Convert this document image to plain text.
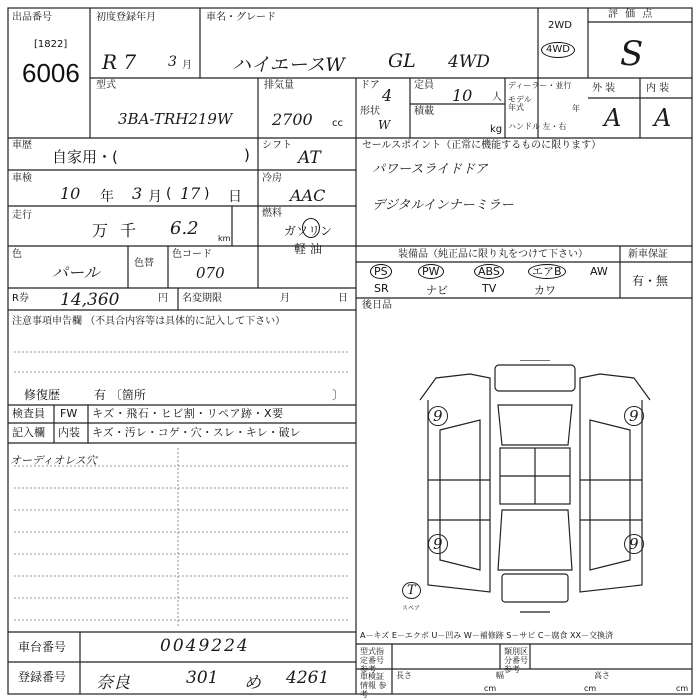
出品番号
[1822]
6006
初度登録年月
R 7 3 月
車名・グレード
ハイエースW GL 4WD
2WD
4WD
評 価 点
S
型式
3BA-TRH219W
排気量
2700 cc
ドア
4
形状
W
定員
10 人
積載
kg
ディーラー・並行
モデル 年式	年
ハンドル 左・右
外 装	内 装
A A
車歴
自家用・(	)
シフト
AT
車検
10 年 3 月 ( 17 ) 日
冷房
AAC
走行
万 千 6.2 km
燃料
ガソリン
軽 油
色
パール	色替
色コード
070
R券 14,360	円 名変期限	月	日
セールスポイント（正常に機能するものに限ります）
パワースライドドア
デジタルインナーミラー
装備品（純正品に限り丸をつけて下さい）	新車保証
有・無
PS	PW	ABS	エアB	AW
SR	ナビ	TV	カワ
後日品
注意事項申告欄 （不具合内容等は具体的に記入して下さい）
修復歴	有 〔箇所	〕
検査員
記入欄
FW キズ・飛石・ヒビ割・リペア跡・X要
内装 キズ・汚レ・コゲ・穴・スレ・キレ・破レ
オーディオレス穴
9	9
9	9
T
スペア
A－キズ E－エクボ U－凹み W－補修跡 S－サビ C－腐食 XX－交換済
車台番号	0049224
登録番号 奈良	301 め 4261
型式指定番号 参考
類別区分番号 参考
車検証情報 参考
長さ
cm
幅
cm
高さ
cm
